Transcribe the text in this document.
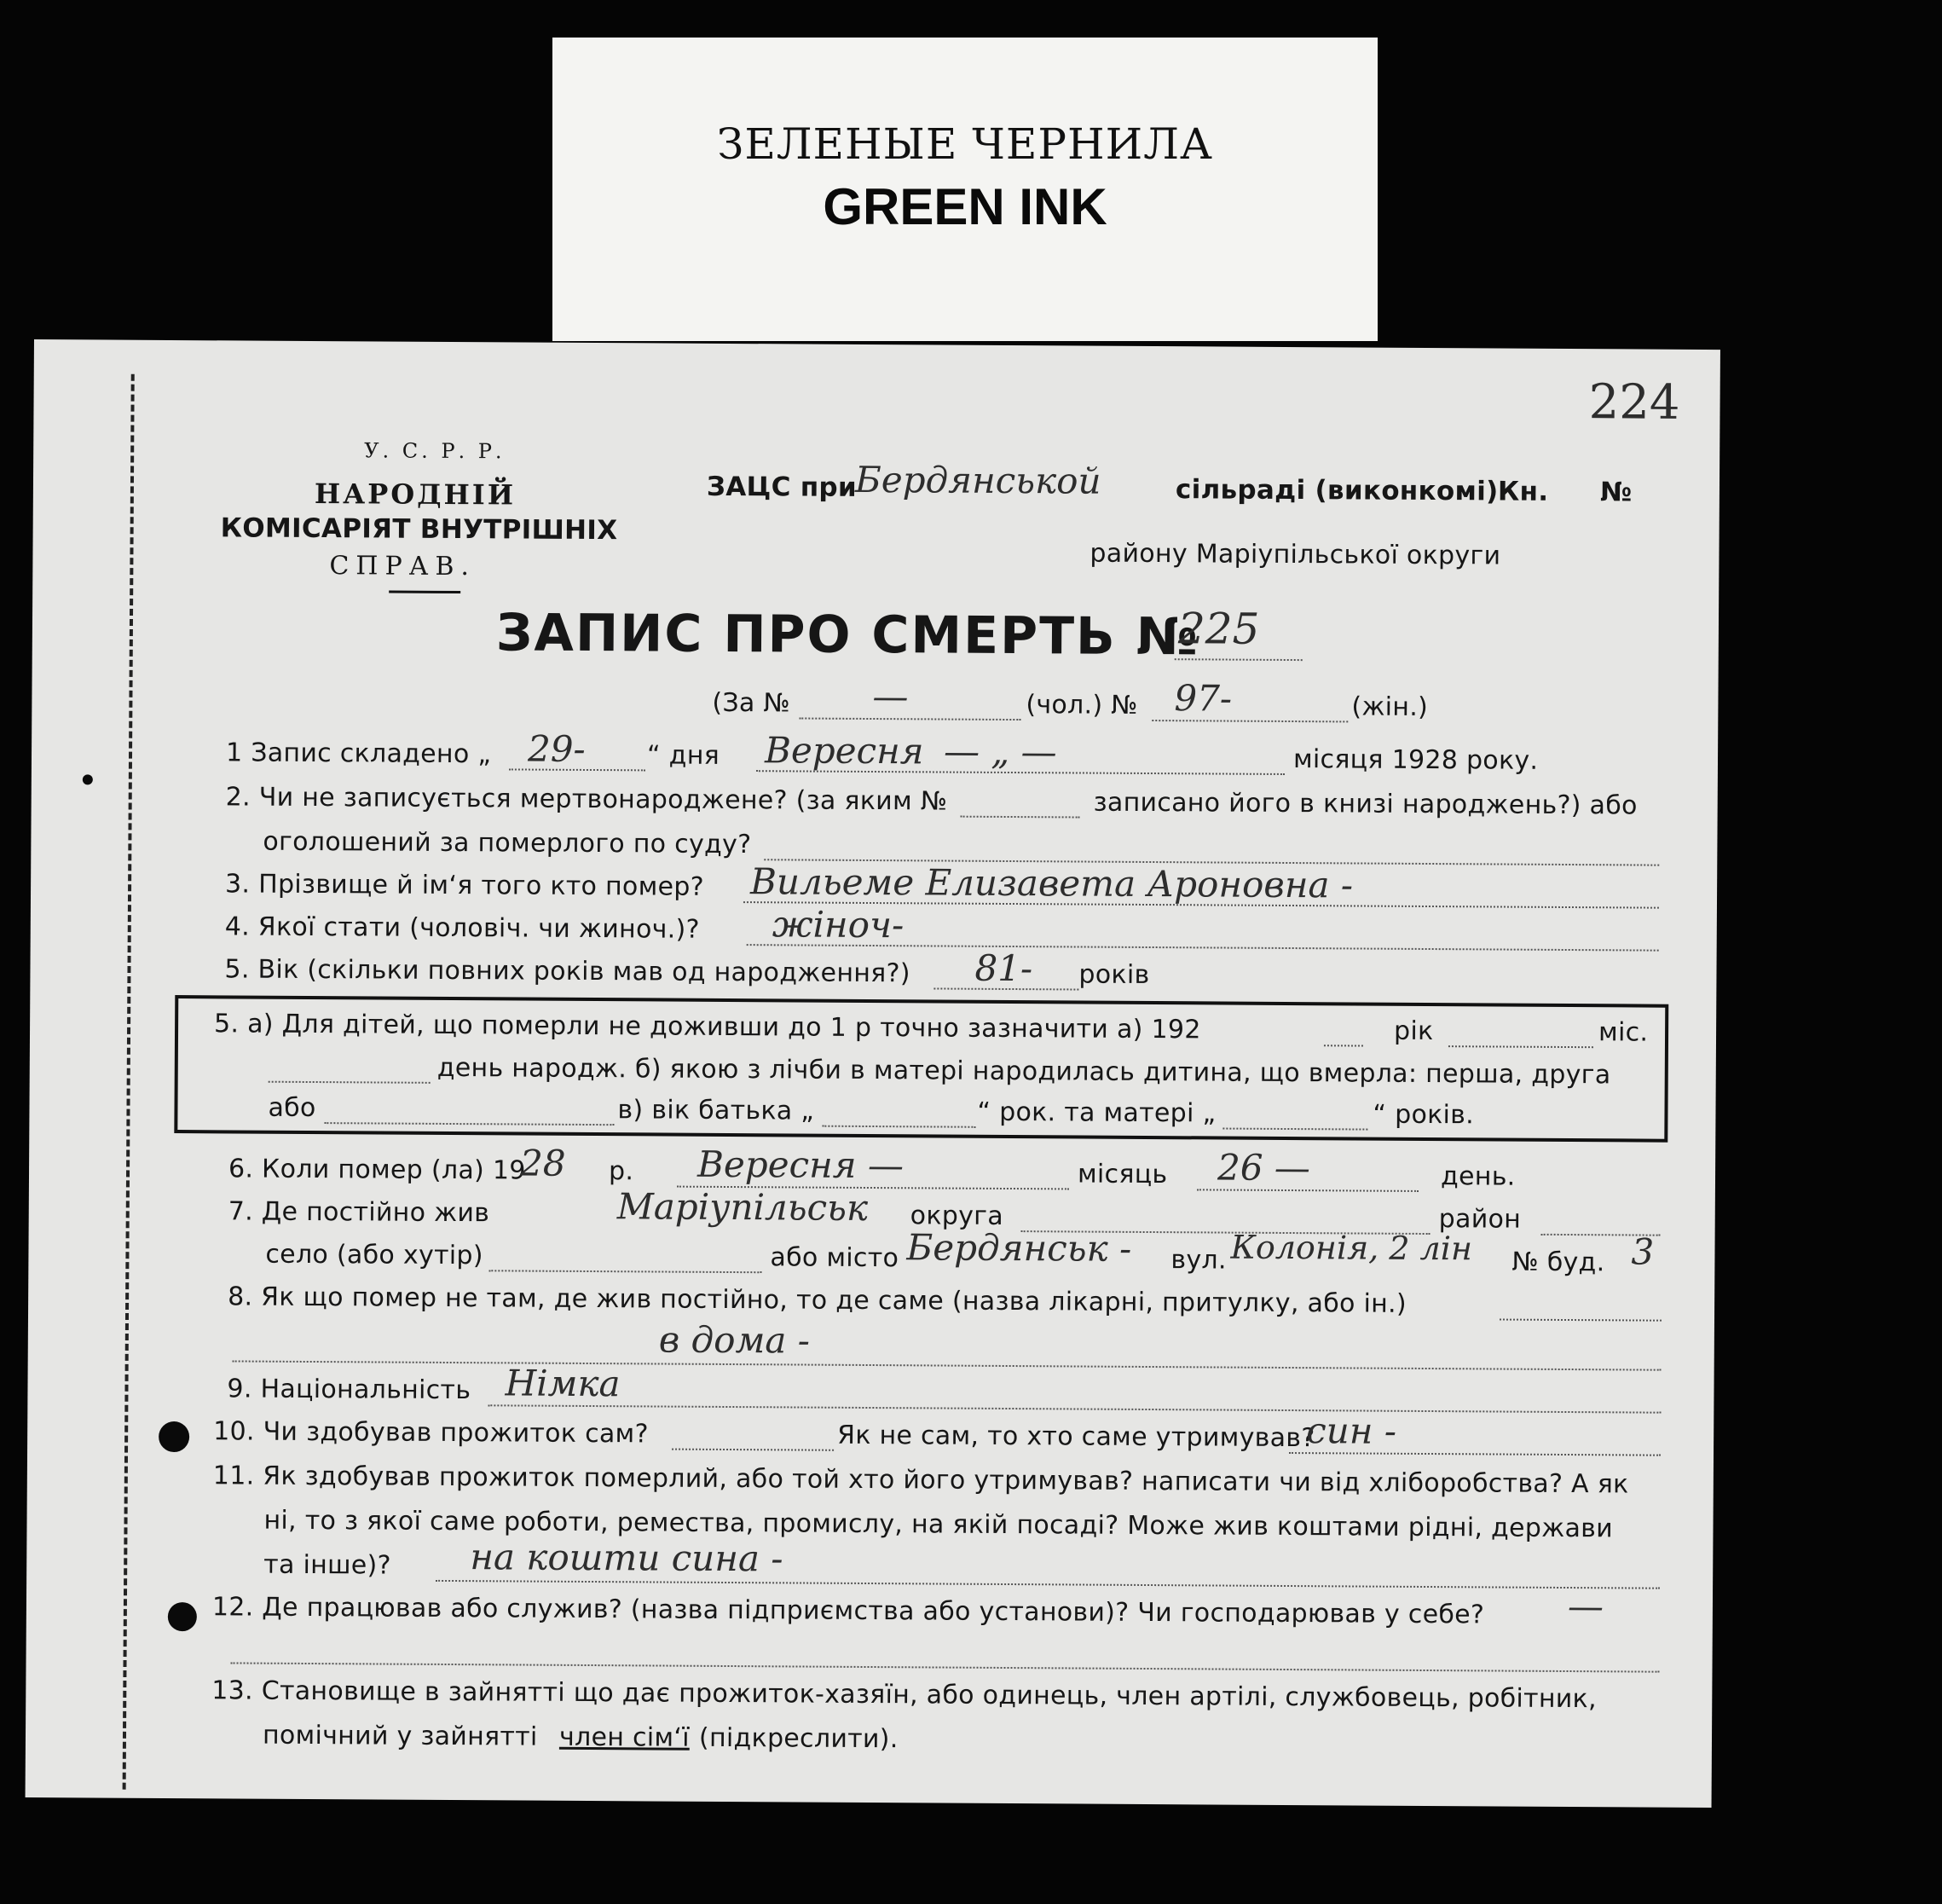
ЗЕЛЕНЫЕ ЧЕРНИЛА
GREEN INK
У. С. Р. Р.
НАРОДНІЙ
КОМІСАРІЯТ ВНУТРІШНІХ
СПРАВ.
ЗАЦС при
Бердянськой	сільраді (виконкомі) Кн. №
району Маріупільської округи
224
ЗАПИС ПРО СМЕРТЬ №
225
(За № —	(чол.) № 97-	(жін.)
1 Запис складено „ 29- “ дня Вересня — „ —	місяця 1928 року.
2. Чи не записується мертвонароджене? (за яким №	записано його в книзі народжень?) або
оголошений за померлого по суду?
3. Прізвище й ім‘я того кто помер? Вильеме Елизавета Ароновна -
4. Якої стати (чоловіч. чи жиноч.)? жіноч-
5. Вік (скільки повних років мав од народження?) 81- років
5. а) Для дітей, що померли не доживши до 1 р точно зазначити а) 192	рік	міс.
день народж. б) якою з лічби в матері народилась дитина, що вмерла: перша, друга
або	в) вік батька „	“ рок. та матері „	“ років.
6. Коли помер (ла) 19
28 р. Вересня —	місяць 26 —	день.
7. Де постійно жив	Маріупільськ округа	район
село (або хутір)	або місто Бердянськ - вул. Колонія, 2 лін № буд. 3
8. Як що помер не там, де жив постійно, то де саме (назва лікарні, притулку, або ін.)
в дома -
9. Національність Німка
10. Чи здобував прожиток сам?	Як не сам, то хто саме утримував?
син -
11. Як здобував прожиток померлий, або той хто його утримував? написати чи від хліборобства? А як
ні, то з якої саме роботи, ремества, промислу, на якій посаді? Може жив коштами рідні, держави
та інше)? на кошти сина -
12. Де працював або служив? (назва підприємства або установи)? Чи господарював у себе? —
13. Становище в зайнятті що дає прожиток-хазяїн, або одинець, член артілі, службовець, робітник,
помічний у зайнятті член сім‘ї (підкреслити).
